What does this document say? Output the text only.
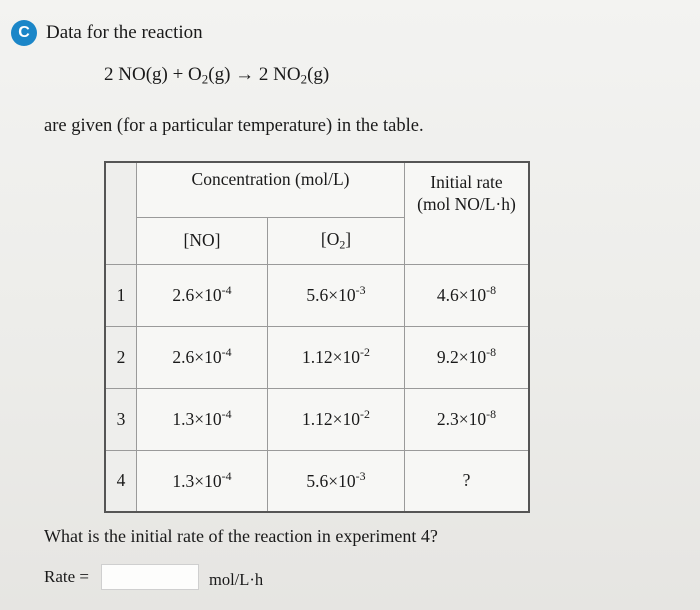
C Data for the reaction
2 $NO(g) + O_2(g) \to 2$ $NO_2(g)$
are given (for a particular temperature) in the table.
	Concentration (mol/L)		Initial rate
(mol NO/L·h)

	[NO]	$[O_2]$	
1	$2.6\times 10^{-4}$	$5.6\times 10^{-3}$	$4.6\times 10^{-8}$
2	$2.6\times 10^{-4}$	$1.12\times 10^{-2}$	$9.2\times 10^{-8}$
3	$1.3\times 10^{-4}$	$1.12\times 10^{-2}$	$2.3\times 10^{-8}$
4	$1.3\times 10^{-4}$	$5.6\times 10^{-3}$	?
What is the initial rate of the reaction in experiment 4?
Rate =	mol/L·h
